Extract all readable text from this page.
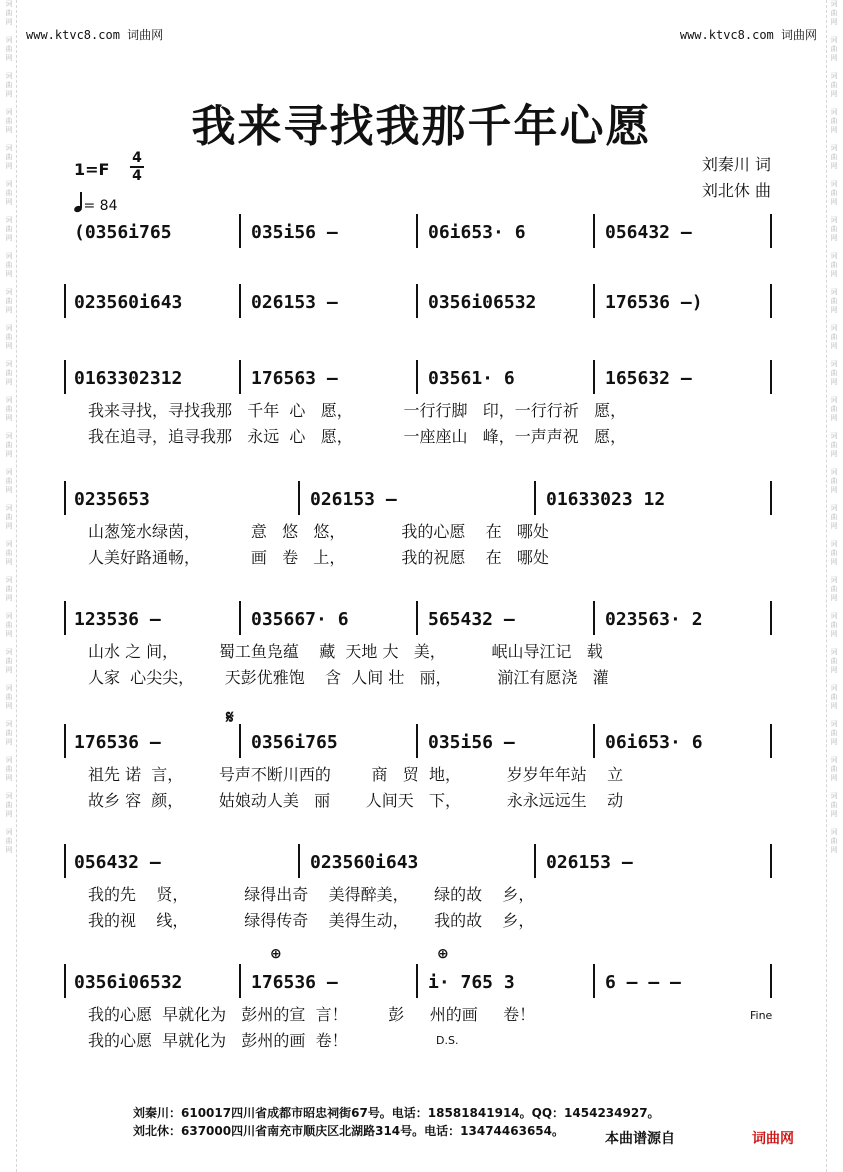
词
曲
网

词
曲
网

词
曲
网

词
曲
网

词
曲
网

词
曲
网

词
曲
网

词
曲
网

词
曲
网

词
曲
网

词
曲
网

词
曲
网

词
曲
网

词
曲
网

词
曲
网

词
曲
网

词
曲
网

词
曲
网

词
曲
网

词
曲
网

词
曲
网

词
曲
网

词
曲
网

词
曲
网

词
曲
网

词
曲
网

词
曲
网

词
曲
网

词
曲
网

词
曲
网

词
曲
网

词
曲
网

词
曲
网

词
曲
网

词
曲
网

词
曲
网

词
曲
网

词
曲
网

词
曲
网

词
曲
网

词
曲
网

词
曲
网

词
曲
网

词
曲
网

词
曲
网

词
曲
网

词
曲
网

词
曲
网

www.ktvc8.com 词曲网	www.ktvc8.com 词曲网
我来寻找我那千年心愿
1=F
4
4
= 84
刘秦川 词
刘北休 曲
(0356i765	035i56 –	06i653· 6	056432 –
023560i643	026153 –	0356i06532	176536 –)
0163302312	176563 –	03561· 6	165632 –
我来寻找，寻找我那   千年  心   愿，          一行行脚   印，一行行祈   愿，
我在追寻，追寻我那   永远  心   愿，          一座座山   峰，一声声祝   愿，
0235653	026153 –	01633023 12
山葱笼水绿茵，          意   悠   悠，           我的心愿    在   哪处
人美好路通畅，          画   卷   上，           我的祝愿    在   哪处
123536 –	035667· 6	565432 –	023563· 2
山水 之 间，        蜀工鱼凫蕴    藏  天地 大   美，         岷山导江记   载
人家  心尖尖，      天彭优雅饱    含  人间 壮   丽，         湔江有愿浇   灌
176536 –	0356i765	035i56 –	06i653· 6
祖先 诺  言，       号声不断川西的        商   贸  地，         岁岁年年站    立
故乡 容  颜，       姑娘动人美   丽       人间天   下，         永永远远生    动
056432 –	023560i643	026153 –
我的先    贤，           绿得出奇    美得醉美，     绿的故    乡，
我的视    线，           绿得传奇    美得生动，     我的故    乡，
0356i06532	176536 –	i· 765 3	6 – – –
我的心愿  早就化为   彭州的宣  言！        彭     州的画     卷！
我的心愿  早就化为   彭州的画  卷！
𝄋
⊕
⊕
Fine
D.S.
刘秦川：610017四川省成都市昭忠祠街67号。电话：18581841914。QQ：1454234927。
刘北休：637000四川省南充市顺庆区北湖路314号。电话：13474463654。	本曲谱源自	词曲网
